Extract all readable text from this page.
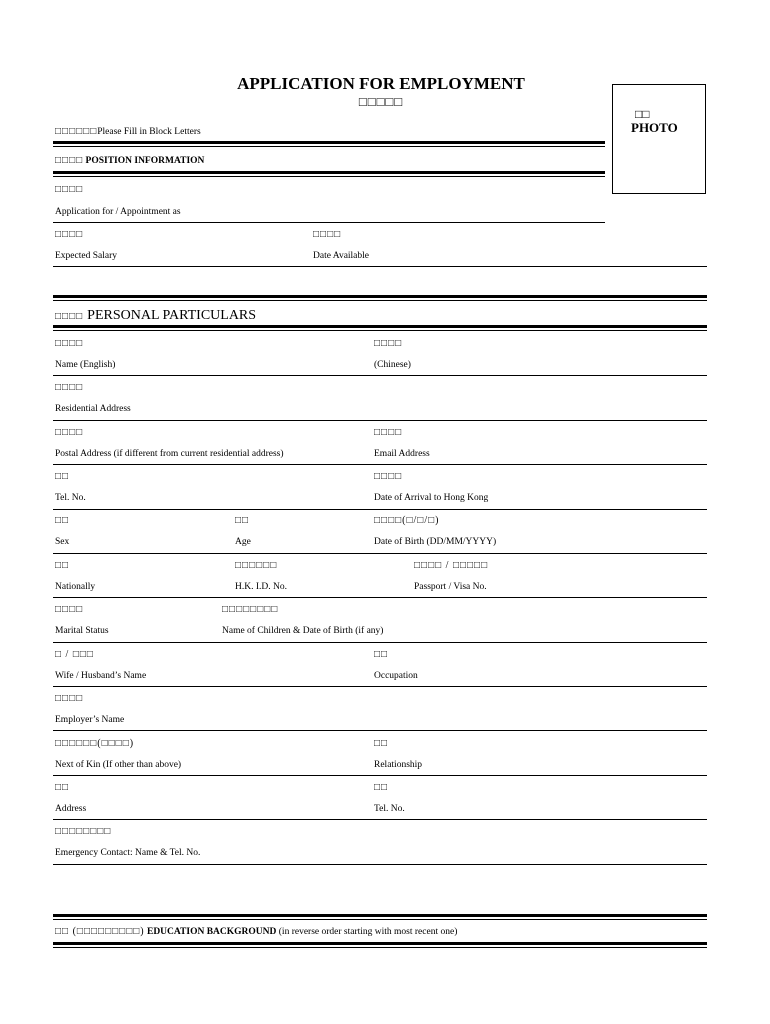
APPLICATION FOR EMPLOYMENT
□□□□□
□□
PHOTO
□□□□□□Please Fill in Block Letters
□□□□ POSITION INFORMATION
□□□□
Application for / Appointment as
□□□□
Expected Salary
□□□□
Date Available
□□□□ PERSONAL PARTICULARS
□□□□
Name (English)
□□□□
(Chinese)
□□□□
Residential Address
□□□□
Postal Address (if different from current residential address)
□□□□
Email Address
□□
Tel. No.
□□□□
Date of Arrival to Hong Kong
□□
Sex
□□
Age
□□□□(□/□/□)
Date of Birth (DD/MM/YYYY)
□□
Nationally
□□□□□□
H.K. I.D. No.
□□□□ / □□□□□
Passport / Visa No.
□□□□
Marital Status
□□□□□□□□
Name of Children & Date of Birth (if any)
□ / □□□
Wife / Husband’s Name
□□
Occupation
□□□□
Employer’s Name
□□□□□□(□□□□)
Next of Kin (If other than above)
□□
Relationship
□□
Address
□□
Tel. No.
□□□□□□□□
Emergency Contact: Name & Tel. No.
□□ (□□□□□□□□□) EDUCATION BACKGROUND (in reverse order starting with most recent one)
